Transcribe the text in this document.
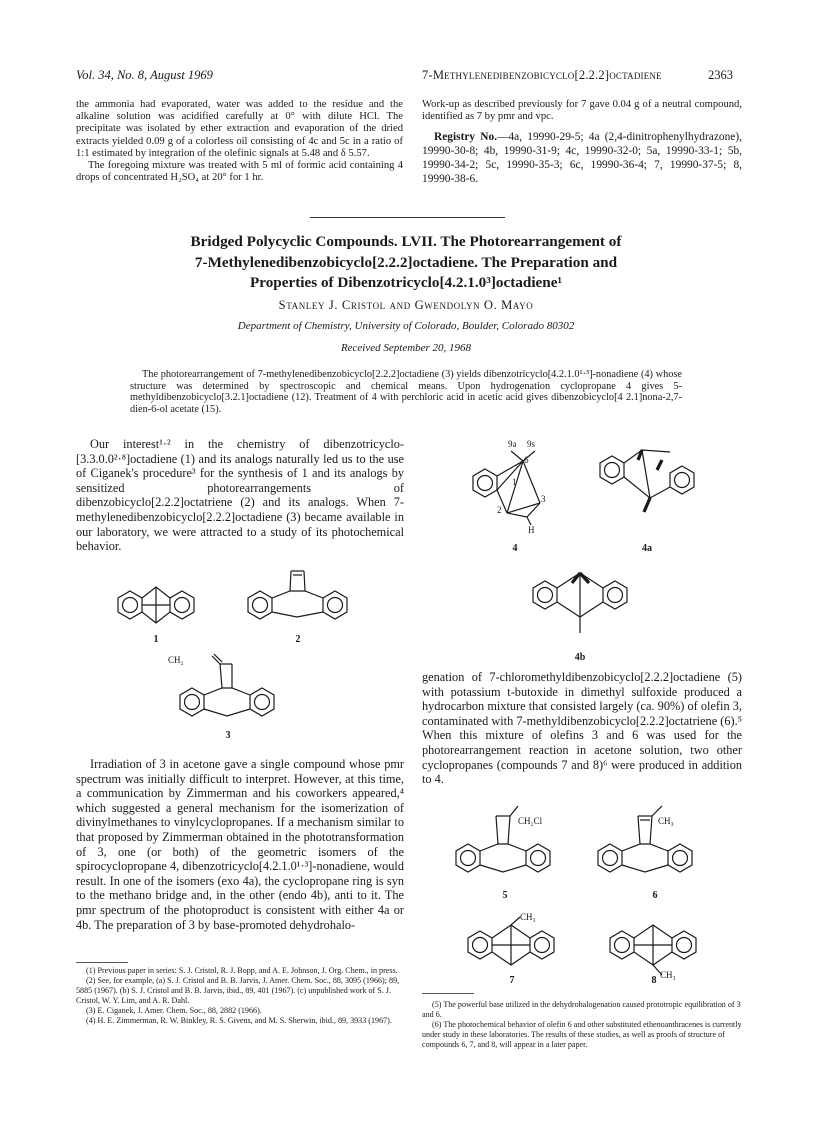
Vol. 34, No. 8, August 1969	7-Methylenedibenzobicyclo[2.2.2]octadiene	2363

the ammonia had evaporated, water was added to the residue and the alkaline solution was acidified carefully at 0° with dilute HCl. The precipitate was isolated by ether extraction and evaporation of the dried extracts yielded 0.09 g of a colorless oil consisting of 4c and 5c in a ratio of 1:1 estimated by integration of the olefinic signals at 5.48 and δ 5.57.

The foregoing mixture was treated with 5 ml of formic acid containing 4 drops of concentrated H₂SO₄ at 20° for 1 hr.

Work-up as described previously for 7 gave 0.04 g of a neutral compound, identified as 7 by pmr and vpc.

Registry No.—4a, 19990-29-5; 4a (2,4-dinitrophenylhydrazone), 19990-30-8; 4b, 19990-31-9; 4c, 19990-32-0; 5a, 19990-33-1; 5b, 19990-34-2; 5c, 19990-35-3; 6c, 19990-36-4; 7, 19990-37-5; 8, 19990-38-6.

Bridged Polycyclic Compounds. LVII. The Photorearrangement of
7-Methylenedibenzobicyclo[2.2.2]octadiene. The Preparation and
Properties of Dibenzotricyclo[4.2.1.0³]octadiene¹
Stanley J. Cristol and Gwendolyn O. Mayo
Department of Chemistry, University of Colorado, Boulder, Colorado 80302
Received September 20, 1968
The photorearrangement of 7-methylenedibenzobicyclo[2.2.2]octadiene (3) yields dibenzotricyclo[4.2.1.0¹·³]-nonadiene (4) whose structure was determined by spectroscopic and chemical means. Upon hydrogenation cyclopropane 4 gives 5-methyldibenzobicyclo[3.2.1]octadiene (12). Treatment of 4 with perchloric acid in acetic acid gives dibenzobicyclo[4 2.1]nona-2,7-dien-6-ol acetate (15).

Our interest¹·² in the chemistry of dibenzotricyclo-[3.3.0.0²·⁸]octadiene (1) and its analogs naturally led us to the use of Ciganek's procedure³ for the synthesis of 1 and its analogs by sensitized photorearrangements of dibenzobicyclo[2.2.2]octatriene (2) and its analogs. When 7-methylenedibenzobicyclo[2.2.2]octadiene (3) became available in our laboratory, we were attracted to a study of its photochemical behavior.

Irradiation of 3 in acetone gave a single compound whose pmr spectrum was initially difficult to interpret. However, at this time, a communication by Zimmerman and his coworkers appeared,⁴ which suggested a general mechanism for the isomerization of divinylmethanes to vinylcyclopropanes. If a mechanism similar to that proposed by Zimmerman obtained in the phototransformation of 3, one (or both) of the geometric isomers of the spirocyclopropane 4, dibenzotricyclo[4.2.1.0¹·³]-nonadiene, would result. In one of the isomers (exo 4a), the cyclopropane ring is syn to the methano bridge and, in the other (endo 4b), anti to it. The pmr spectrum of the photoproduct is consistent with either 4a or 4b. The preparation of 3 by base-promoted dehydrohalo-

genation of 7-chloromethyldibenzobicyclo[2.2.2]octadiene (5) with potassium t-butoxide in dimethyl sulfoxide produced a hydrocarbon mixture that consisted largely (ca. 90%) of olefin 3, contaminated with 7-methyldibenzobicyclo[2.2.2]octatriene (6).⁵ When this mixture of olefins 3 and 6 was used for the photorearrangement reaction in acetone solution, two other cyclopropanes (compounds 7 and 8)⁶ were produced in addition to 4.

(1) Previous paper in series: S. J. Cristol, R. J. Bopp, and A. E. Johnson, J. Org. Chem., in press.

(2) See, for example, (a) S. J. Cristol and B. B. Jarvis, J. Amer. Chem. Soc., 88, 3095 (1966); 89, 5885 (1967). (b) S. J. Cristol and B. B. Jarvis, ibid., 89, 401 (1967). (c) unpublished work of S. J. Cristol, W. Y. Lim, and A. R. Dahl.

(3) E. Ciganek, J. Amer. Chem. Soc., 88, 2882 (1966).

(4) H. E. Zimmerman, R. W. Binkley, R. S. Givens, and M. S. Sherwin, ibid., 89, 3933 (1967).

(5) The powerful base utilized in the dehydrohalogenation caused prototropic equilibration of 3 and 6.

(6) The photochemical behavior of olefin 6 and other substituted ethenoanthracenes is currently under study in these laboratories. The results of these studies, as well as proofs of structure of compounds 6, 7, and 8, will appear in a later paper.

9a 9s
6
1
3
2
H
CH₂
CH₂Cl	CH₃
CH₃
CH₃
4	4a
4b
1	2
3
5	6
7	8
